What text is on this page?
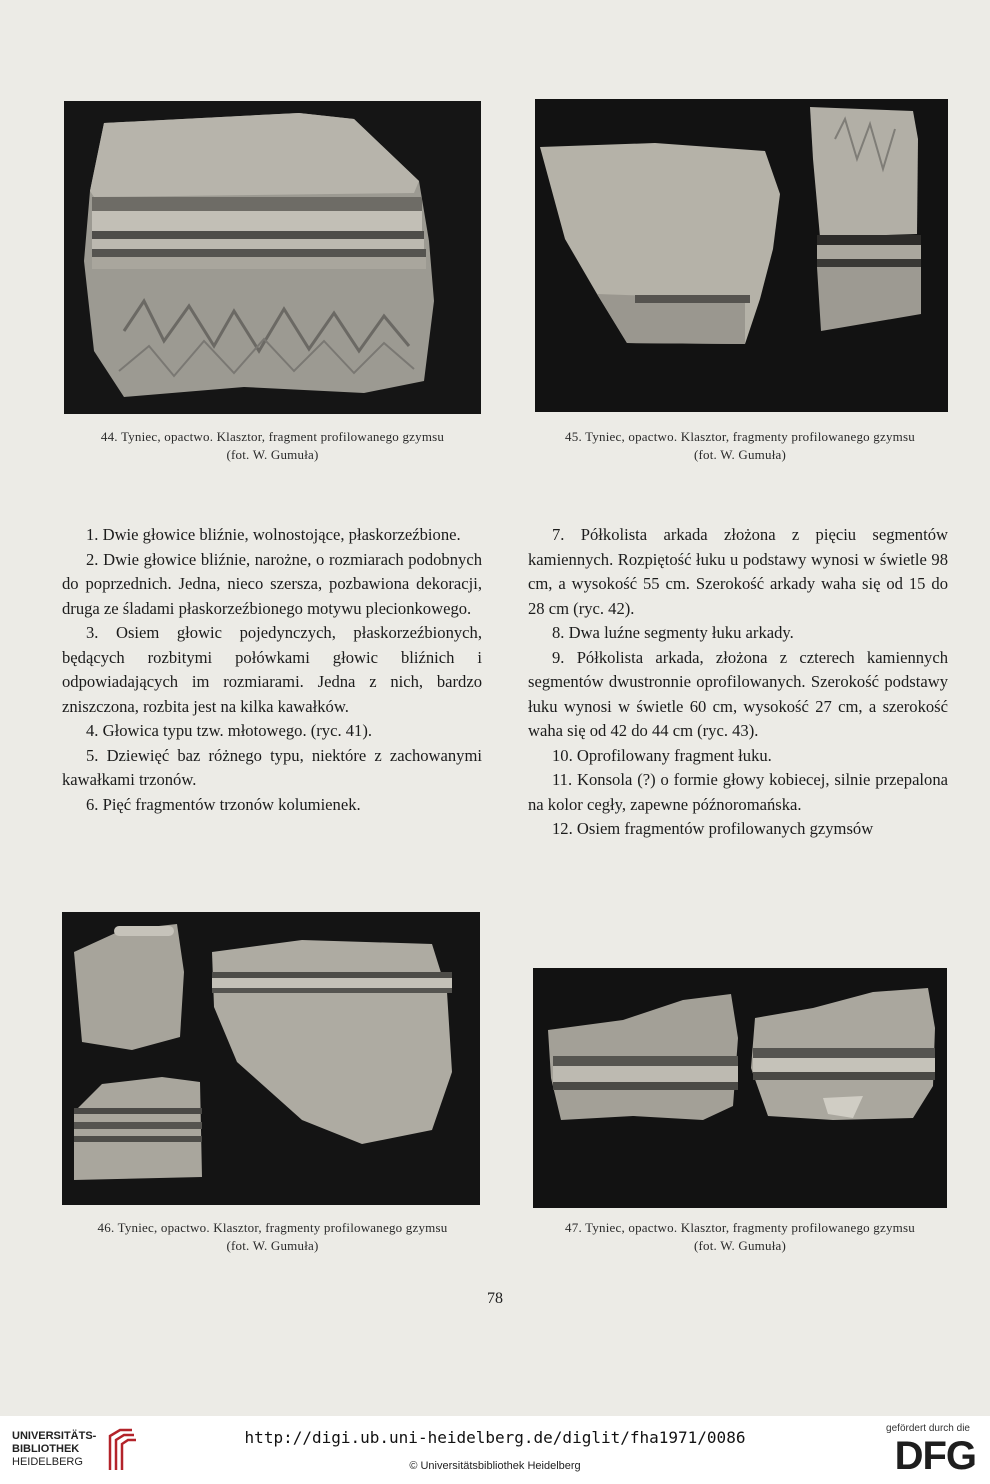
44. Tyniec, opactwo. Klasztor, fragment profilowanego gzymsu
(fot. W. Gumuła)
45. Tyniec, opactwo. Klasztor, fragmenty profilowanego gzymsu
(fot. W. Gumuła)

1. Dwie głowice bliźnie, wolnostojące, płaskorzeźbione.

2. Dwie głowice bliźnie, narożne, o rozmiarach podobnych do poprzednich. Jedna, nieco szersza, pozbawiona dekoracji, druga ze śladami płaskorzeźbionego motywu plecionkowego.

3. Osiem głowic pojedynczych, płaskorzeźbionych, będących rozbitymi połówkami głowic bliźnich i odpowiadających im rozmiarami. Jedna z nich, bardzo zniszczona, rozbita jest na kilka kawałków.

4. Głowica typu tzw. młotowego. (ryc. 41).

5. Dziewięć baz różnego typu, niektóre z zachowanymi kawałkami trzonów.

6. Pięć fragmentów trzonów kolumienek.

7. Półkolista arkada złożona z pięciu segmentów kamiennych. Rozpiętość łuku u podstawy wynosi w świetle 98 cm, a wysokość 55 cm. Szerokość arkady waha się od 15 do 28 cm (ryc. 42).

8. Dwa luźne segmenty łuku arkady.

9. Półkolista arkada, złożona z czterech kamiennych segmentów dwustronnie oprofilowanych. Szerokość podstawy łuku wynosi w świetle 60 cm, wysokość 27 cm, a szerokość waha się od 42 do 44 cm (ryc. 43).

10. Oprofilowany fragment łuku.

11. Konsola (?) o formie głowy kobiecej, silnie przepalona na kolor cegły, zapewne późnoromańska.

12. Osiem fragmentów profilowanych gzymsów

46. Tyniec, opactwo. Klasztor, fragmenty profilowanego gzymsu
(fot. W. Gumuła)
47. Tyniec, opactwo. Klasztor, fragmenty profilowanego gzymsu
(fot. W. Gumuła)
78
UNIVERSITÄTS-
BIBLIOTHEK
HEIDELBERG
http://digi.ub.uni-heidelberg.de/diglit/fha1971/0086
© Universitätsbibliothek Heidelberg
gefördert durch die
DFG
